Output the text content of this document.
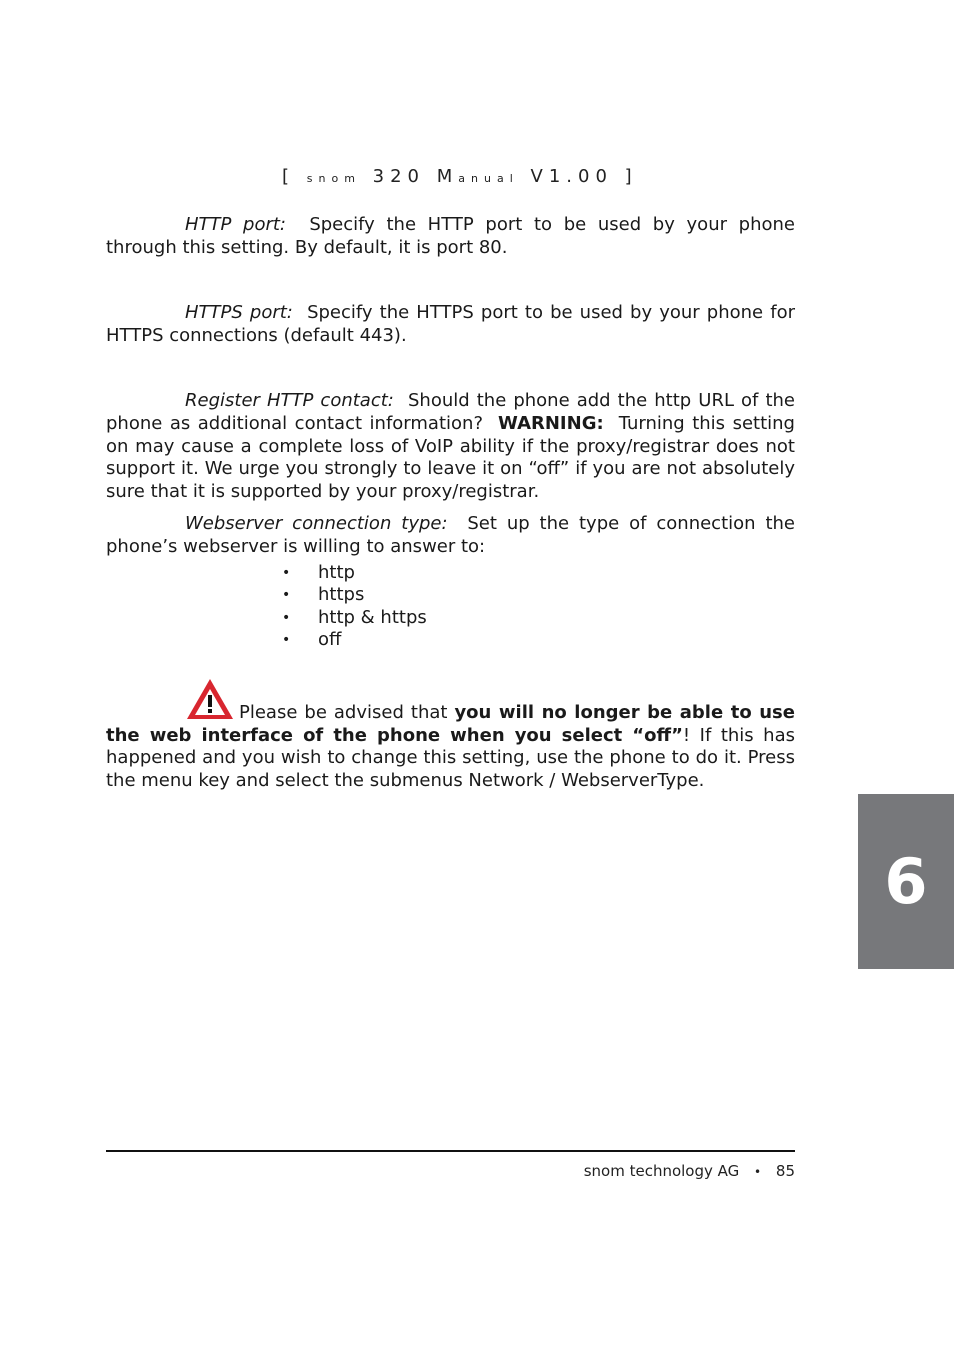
[ snom 320 Manual V1.00 ]

HTTP port: Specify the HTTP port to be used by your phone through this setting. By default, it is port 80.

HTTPS port: Specify the HTTPS port to be used by your phone for HTTPS connections (default 443).

Register HTTP contact: Should the phone add the http URL of the phone as additional contact information? WARNING: Turning this setting on may cause a complete loss of VoIP ability if the proxy/registrar does not support it. We urge you strongly to leave it on “off” if you are not absolutely sure that it is supported by your proxy/registrar.

Webserver connection type: Set up the type of connection the phone’s webserver is willing to answer to:

• http
• https
• http & https
• off

Please be advised that you will no longer be able to use the web interface of the phone when you select “off”! If this has happened and you wish to change this setting, use the phone to do it. Press the menu key and select the submenus Network / WebserverType.

snom technology AG • 85
6
